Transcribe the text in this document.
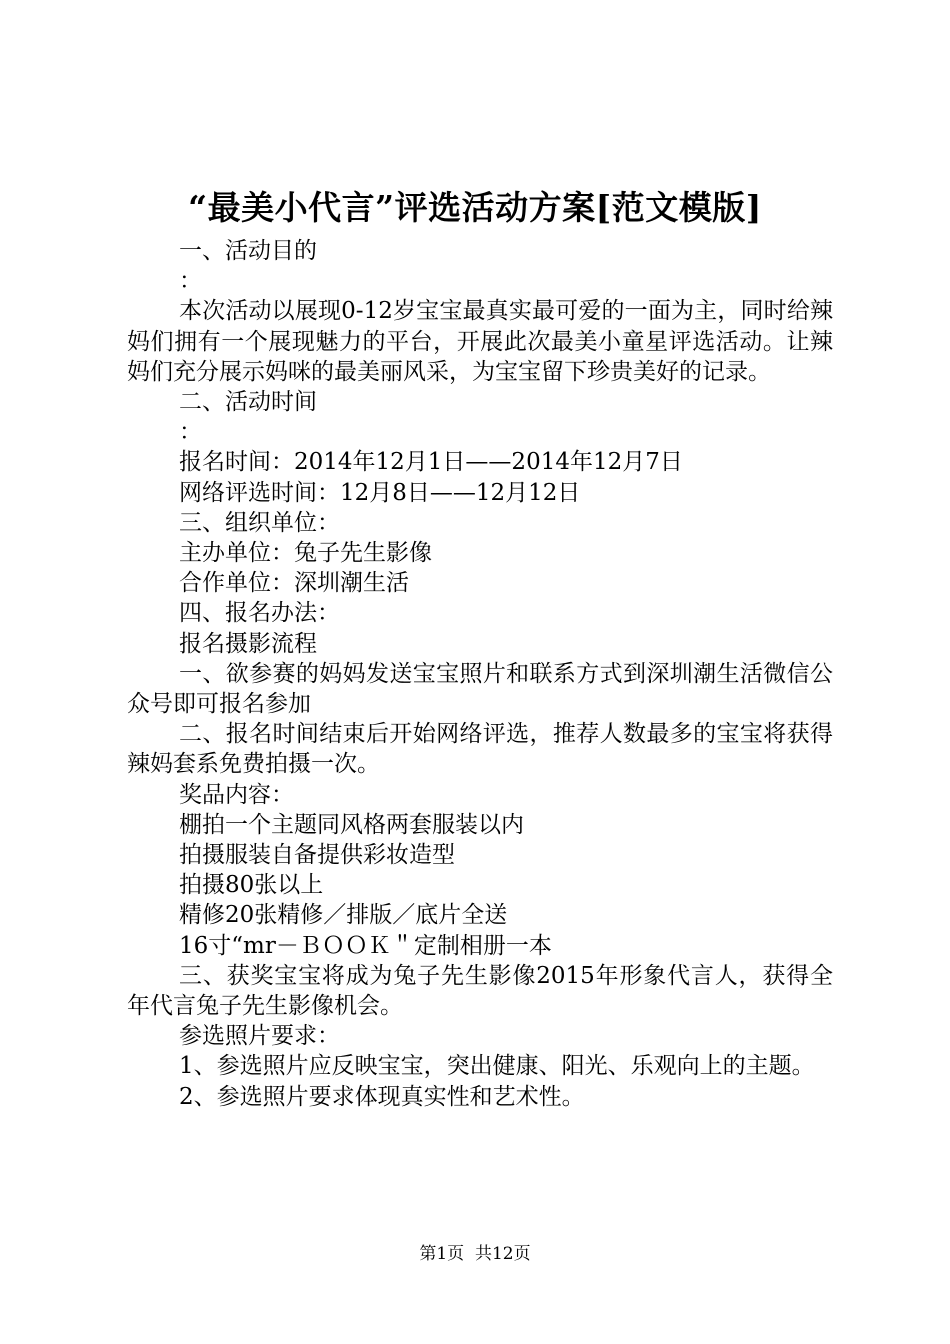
“最美小代言”评选活动方案[范文模版]

一、活动目的

：

本次活动以展现0-12岁宝宝最真实最可爱的一面为主，同时给辣妈们拥有一个展现魅力的平台，开展此次最美小童星评选活动。让辣妈们充分展示妈咪的最美丽风采，为宝宝留下珍贵美好的记录。

二、活动时间

：

报名时间：2014年12月1日——2014年12月7日

网络评选时间：12月8日——12月12日

三、组织单位：

主办单位：兔子先生影像

合作单位：深圳潮生活

四、报名办法：

报名摄影流程

一、欲参赛的妈妈发送宝宝照片和联系方式到深圳潮生活微信公众号即可报名参加

二、报名时间结束后开始网络评选，推荐人数最多的宝宝将获得辣妈套系免费拍摄一次。

奖品内容：

棚拍一个主题同风格两套服装以内

拍摄服装自备提供彩妆造型

拍摄80张以上

精修20张精修／排版／底片全送

16寸“mr－ＢＯＯＫ＂定制相册一本

三、获奖宝宝将成为兔子先生影像2015年形象代言人，获得全年代言兔子先生影像机会。

参选照片要求：

1、参选照片应反映宝宝，突出健康、阳光、乐观向上的主题。

2、参选照片要求体现真实性和艺术性。

第1页  共12页
